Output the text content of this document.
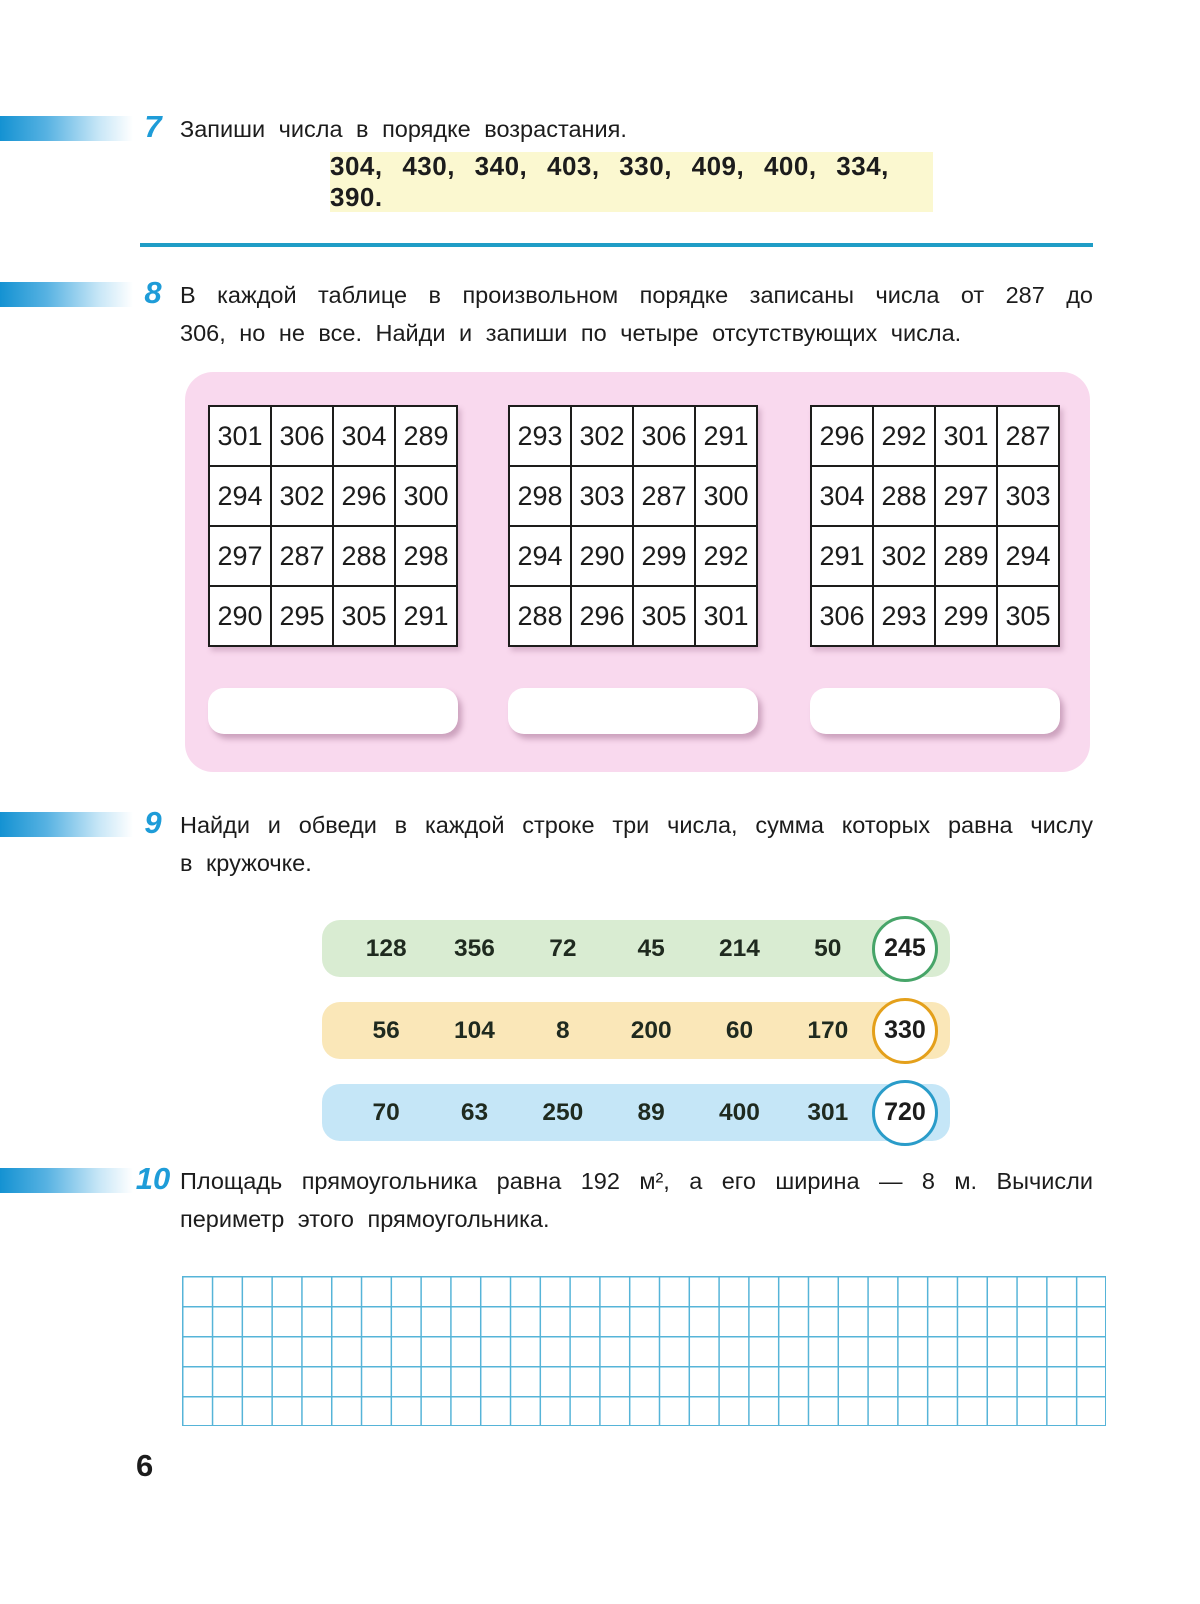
7 Запиши числа в порядке возрастания.
304, 430, 340, 403, 330, 409, 400, 334, 390.
8 В каждой таблице в произвольном порядке записаны числа от 287 до
306, но не все. Найди и запиши по четыре отсутствующих числа.
301	306	304	289
294	302	296	300
297	287	288	298
290	295	305	291
293	302	306	291
298	303	287	300
294	290	299	292
288	296	305	301
296	292	301	287
304	288	297	303
291	302	289	294
306	293	299	305
9 Найди и обведи в каждой строке три числа, сумма которых равна числу
в кружочке.
128	356	72	45	214	50	245
56	104	8	200	60	170	330
70	63	250	89	400	301	720
10 Площадь прямоугольника равна 192 м², а его ширина — 8 м. Вычисли
периметр этого прямоугольника.
6
